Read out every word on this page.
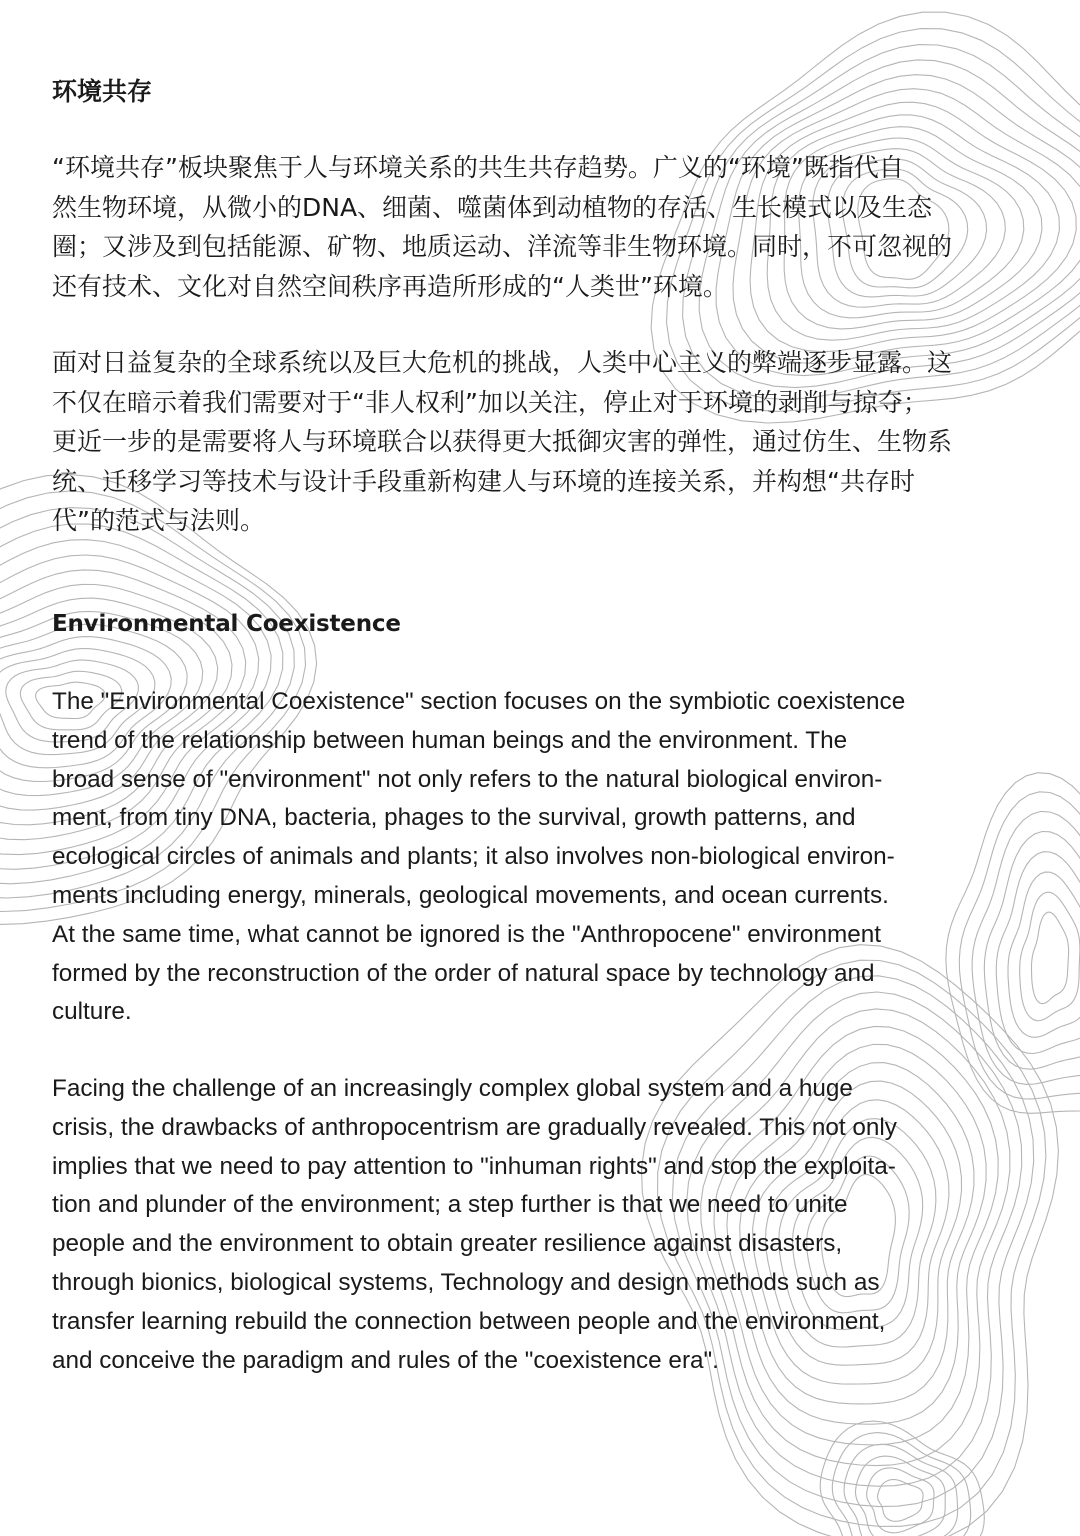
环境共存

“环境共存”板块聚焦于人与环境关系的共生共存趋势。广义的“环境”既指代自
然生物环境，从微小的DNA、细菌、噬菌体到动植物的存活、生长模式以及生态
圈；又涉及到包括能源、矿物、地质运动、洋流等非生物环境。同时，不可忽视的
还有技术、文化对自然空间秩序再造所形成的“人类世”环境。

面对日益复杂的全球系统以及巨大危机的挑战，人类中心主义的弊端逐步显露。这
不仅在暗示着我们需要对于“非人权利”加以关注，停止对于环境的剥削与掠夺；
更近一步的是需要将人与环境联合以获得更大抵御灾害的弹性，通过仿生、生物系
统、迁移学习等技术与设计手段重新构建人与环境的连接关系，并构想“共存时
代”的范式与法则。

Environmental Coexistence

The "Environmental Coexistence" section focuses on the symbiotic coexistence
trend of the relationship between human beings and the environment. The
broad sense of "environment" not only refers to the natural biological environ-
ment, from tiny DNA, bacteria, phages to the survival, growth patterns, and
ecological circles of animals and plants; it also involves non-biological environ-
ments including energy, minerals, geological movements, and ocean currents.
At the same time, what cannot be ignored is the "Anthropocene" environment
formed by the reconstruction of the order of natural space by technology and
culture.

Facing the challenge of an increasingly complex global system and a huge
crisis, the drawbacks of anthropocentrism are gradually revealed. This not only
implies that we need to pay attention to "inhuman rights" and stop the exploita-
tion and plunder of the environment; a step further is that we need to unite
people and the environment to obtain greater resilience against disasters,
through bionics, biological systems, Technology and design methods such as
transfer learning rebuild the connection between people and the environment,
and conceive the paradigm and rules of the "coexistence era".
